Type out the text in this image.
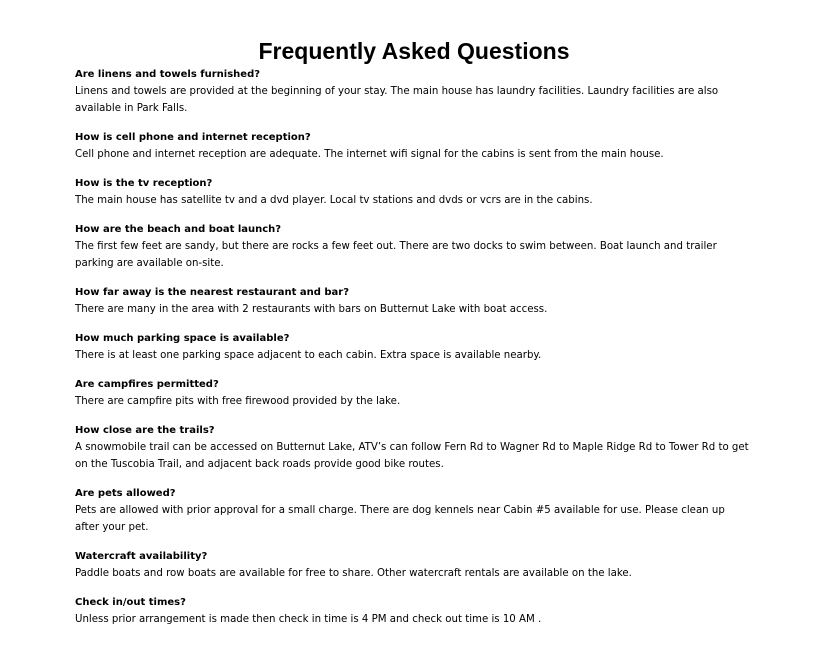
Frequently Asked Questions

Are linens and towels furnished?

Linens and towels are provided at the beginning of your stay. The main house has laundry facilities. Laundry facilities are also
available in Park Falls.

How is cell phone and internet reception?

Cell phone and internet reception are adequate. The internet wifi signal for the cabins is sent from the main house.

How is the tv reception?

The main house has satellite tv and a dvd player. Local tv stations and dvds or vcrs are in the cabins.

How are the beach and boat launch?

The first few feet are sandy, but there are rocks a few feet out. There are two docks to swim between. Boat launch and trailer
parking are available on-site.

How far away is the nearest restaurant and bar?

There are many in the area with 2 restaurants with bars on Butternut Lake with boat access.

How much parking space is available?

There is at least one parking space adjacent to each cabin. Extra space is available nearby.

Are campfires permitted?

There are campfire pits with free firewood provided by the lake.

How close are the trails?

A snowmobile trail can be accessed on Butternut Lake, ATV’s can follow Fern Rd to Wagner Rd to Maple Ridge Rd to Tower Rd to get
on the Tuscobia Trail, and adjacent back roads provide good bike routes.

Are pets allowed?

Pets are allowed with prior approval for a small charge. There are dog kennels near Cabin #5 available for use. Please clean up
after your pet.

Watercraft availability?

Paddle boats and row boats are available for free to share. Other watercraft rentals are available on the lake.

Check in/out times?

Unless prior arrangement is made then check in time is 4 PM and check out time is 10 AM .
